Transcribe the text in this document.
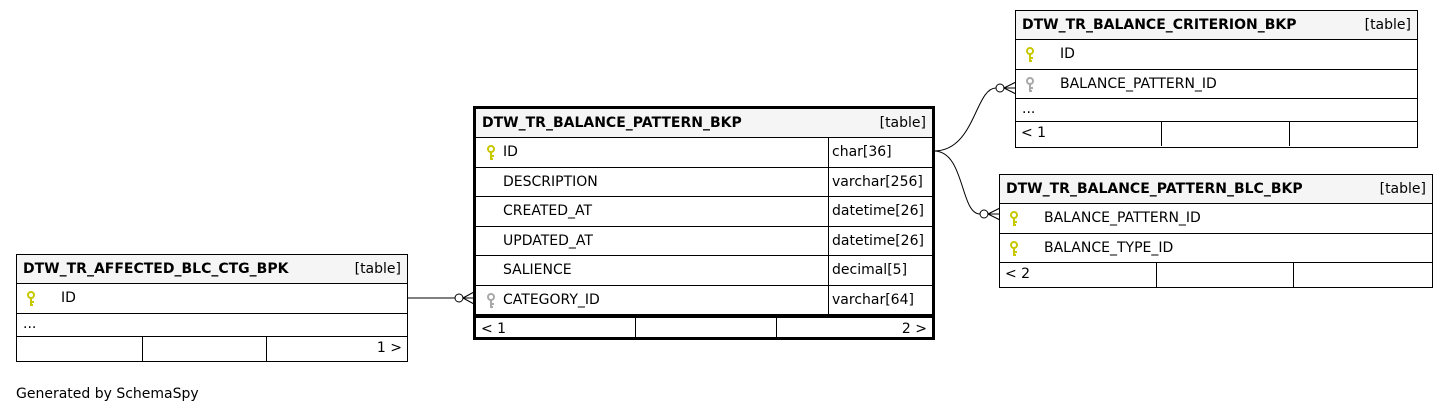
DTW_TR_BALANCE_PATTERN_BKP	[table]
ID	char[36]
DESCRIPTION	varchar[256]
CREATED_AT	datetime[26]
UPDATED_AT	datetime[26]
SALIENCE	decimal[5]
CATEGORY_ID	varchar[64]
< 1	2 >
DTW_TR_BALANCE_CRITERION_BKP	[table]
ID
BALANCE_PATTERN_ID
...
< 1
DTW_TR_BALANCE_PATTERN_BLC_BKP	[table]
BALANCE_PATTERN_ID
BALANCE_TYPE_ID
< 2
DTW_TR_AFFECTED_BLC_CTG_BPK	[table]
ID
...
1 >
Generated by SchemaSpy
